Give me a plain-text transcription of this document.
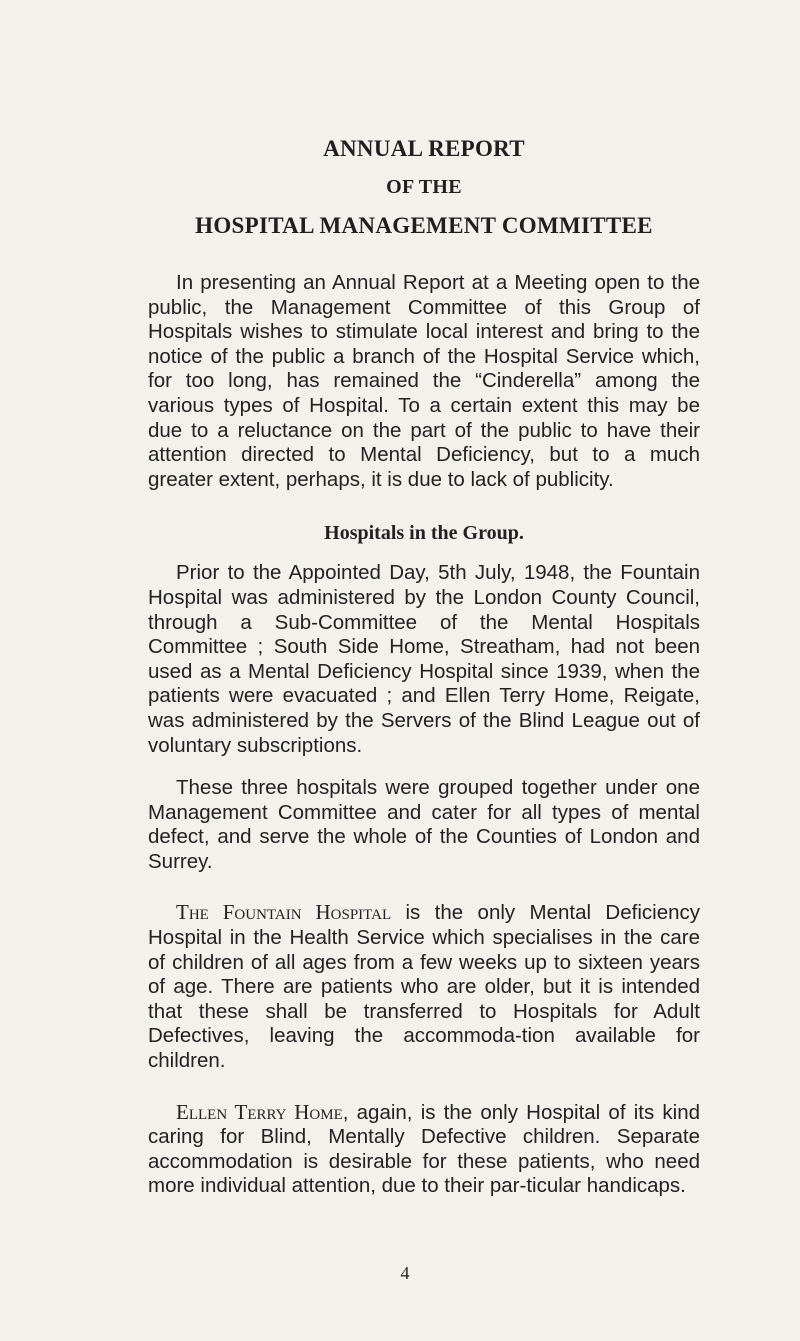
ANNUAL REPORT
OF THE
HOSPITAL MANAGEMENT COMMITTEE

In presenting an Annual Report at a Meeting open to the public, the Management Committee of this Group of Hospitals wishes to stimulate local interest and bring to the notice of the public a branch of the Hospital Service which, for too long, has remained the “Cinderella” among the various types of Hospital. To a certain extent this may be due to a reluctance on the part of the public to have their attention directed to Mental Deficiency, but to a much greater extent, perhaps, it is due to lack of publicity.

Hospitals in the Group.

Prior to the Appointed Day, 5th July, 1948, the Fountain Hospital was administered by the London County Council, through a Sub-Committee of the Mental Hospitals Committee ; South Side Home, Streatham, had not been used as a Mental Deficiency Hospital since 1939, when the patients were evacuated ; and Ellen Terry Home, Reigate, was administered by the Servers of the Blind League out of voluntary subscriptions.

These three hospitals were grouped together under one Management Committee and cater for all types of mental defect, and serve the whole of the Counties of London and Surrey.

The Fountain Hospital is the only Mental Deficiency Hospital in the Health Service which specialises in the care of children of all ages from a few weeks up to sixteen years of age. There are patients who are older, but it is intended that these shall be transferred to Hospitals for Adult Defectives, leaving the accommoda-tion available for children.

Ellen Terry Home, again, is the only Hospital of its kind caring for Blind, Mentally Defective children. Separate accommodation is desirable for these patients, who need more individual attention, due to their par-ticular handicaps.

4
